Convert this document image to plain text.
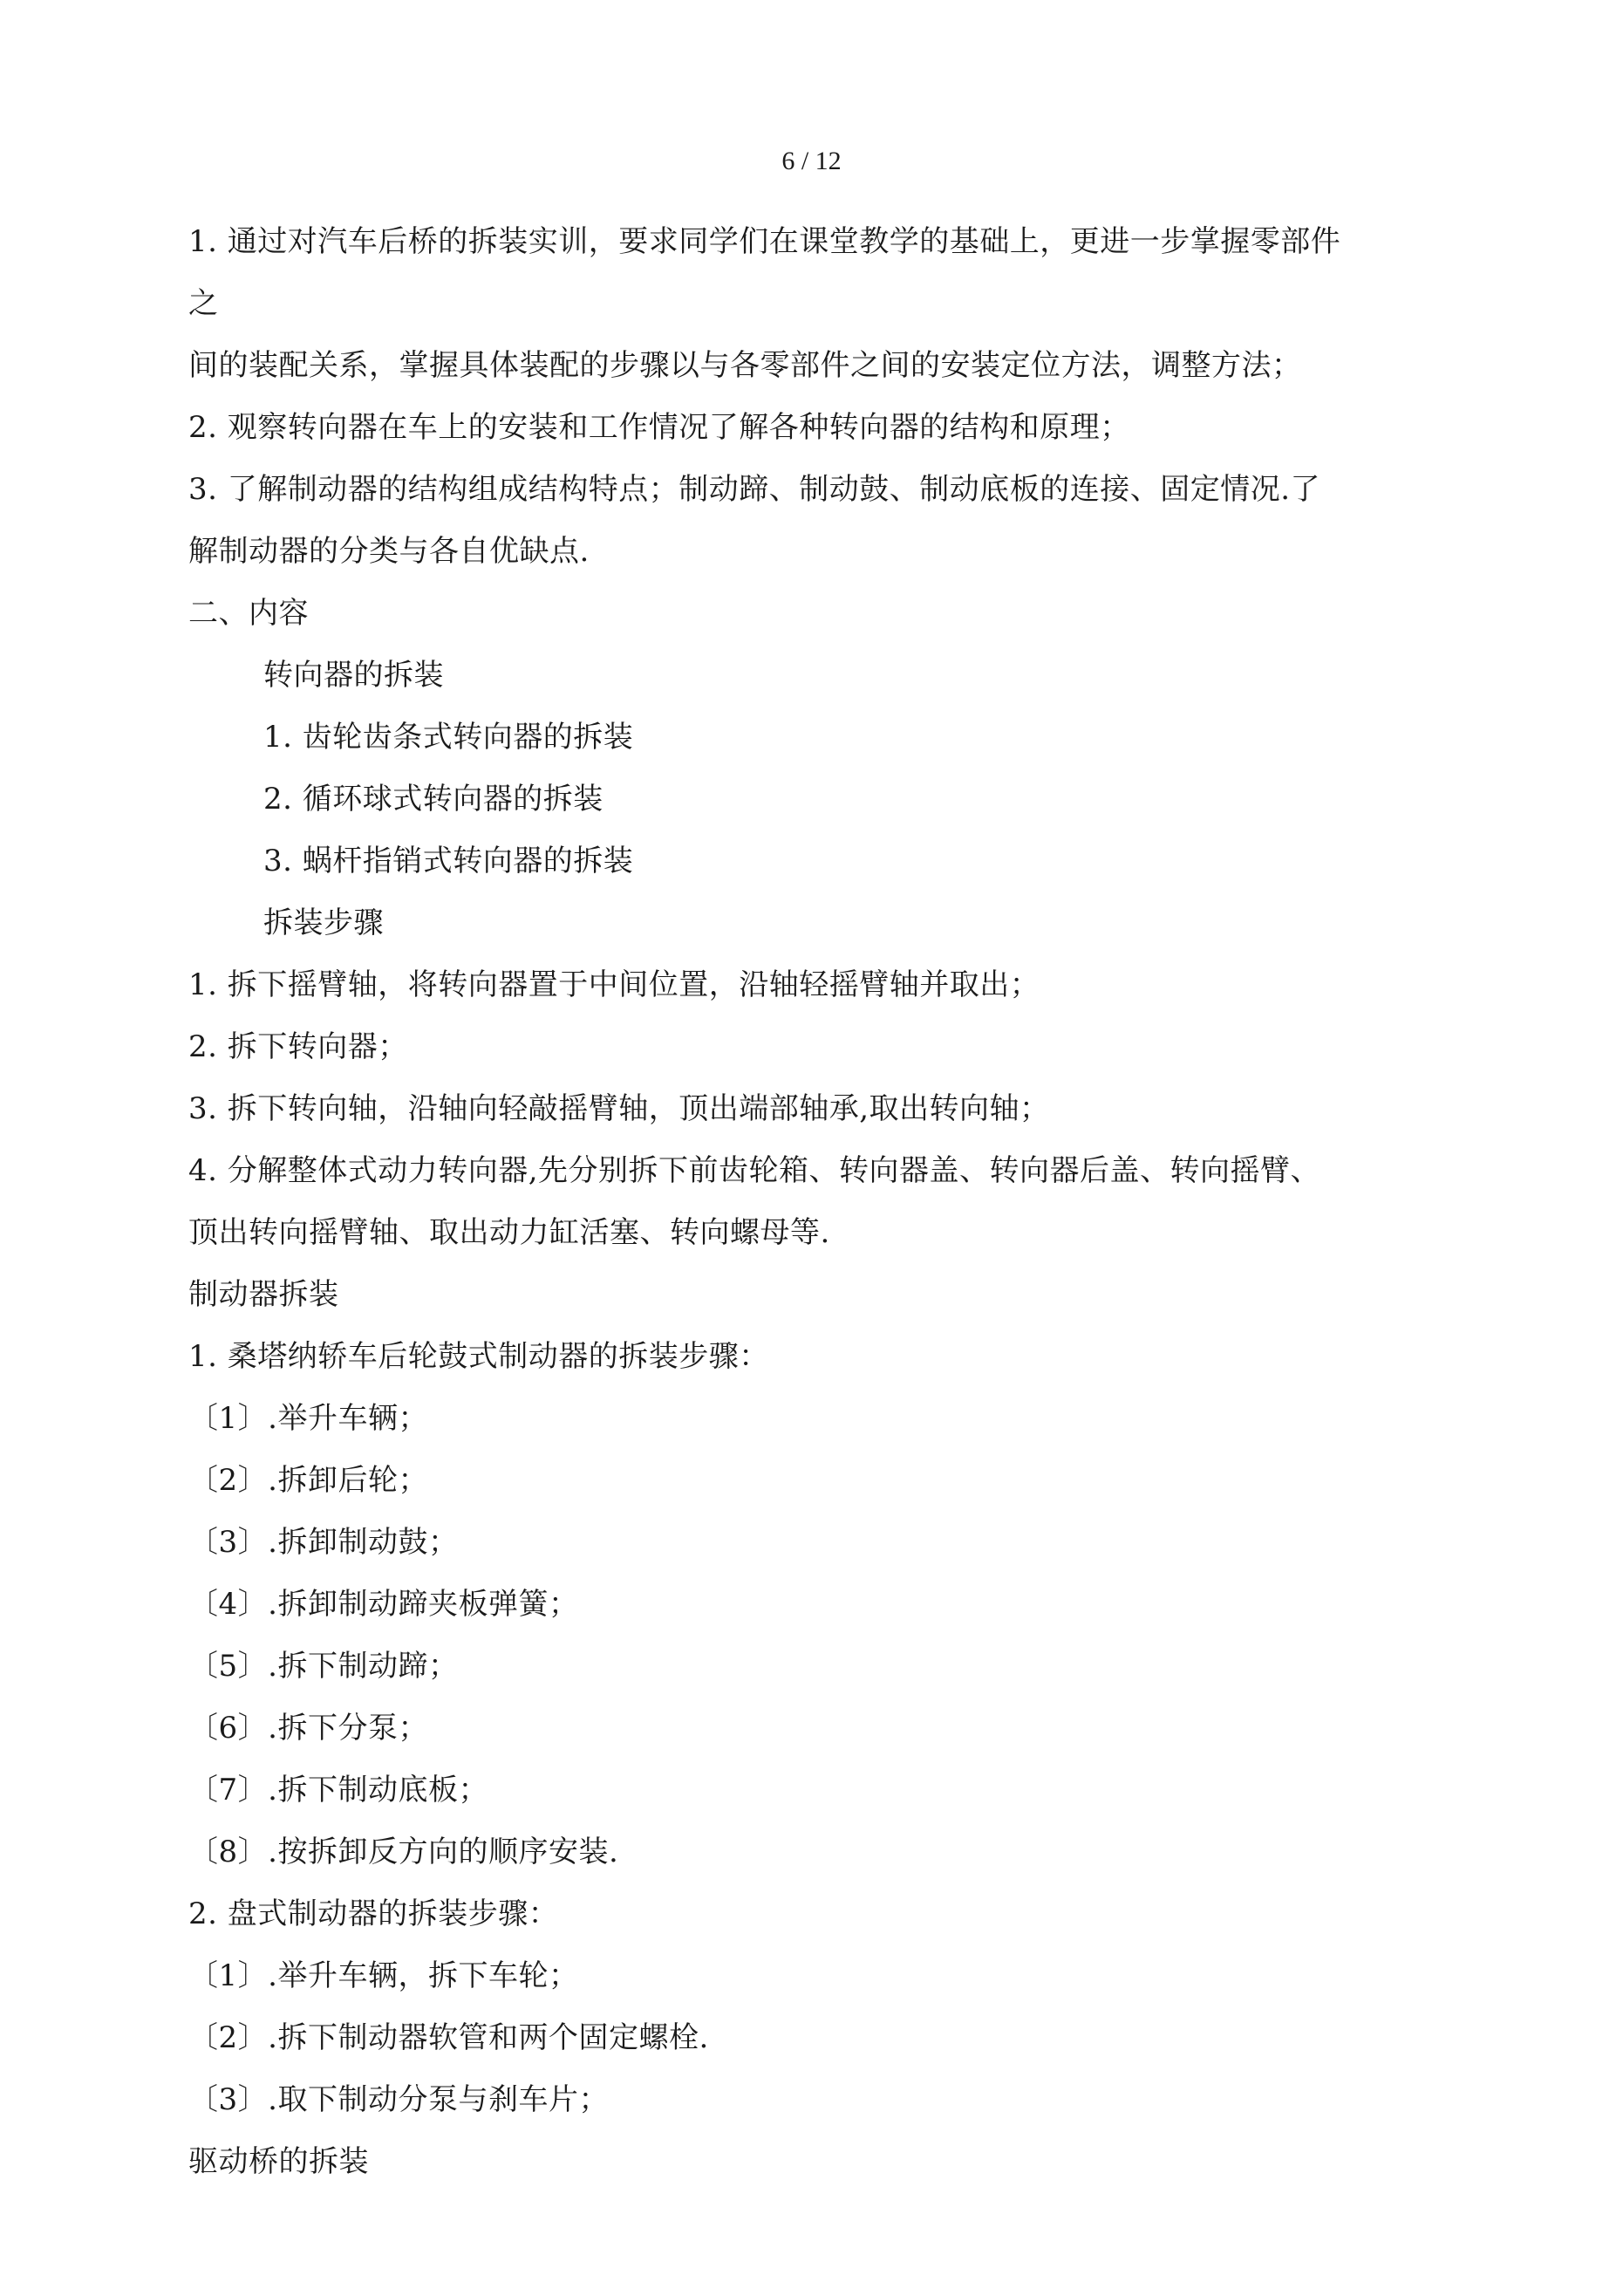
6 / 12
1. 通过对汽车后桥的拆装实训，要求同学们在课堂教学的基础上，更进一步掌握零部件
之
间的装配关系，掌握具体装配的步骤以与各零部件之间的安装定位方法，调整方法；
2. 观察转向器在车上的安装和工作情况了解各种转向器的结构和原理；
3. 了解制动器的结构组成结构特点；制动蹄、制动鼓、制动底板的连接、固定情况.了
解制动器的分类与各自优缺点.
二、内容
转向器的拆装
1. 齿轮齿条式转向器的拆装
2. 循环球式转向器的拆装
3. 蜗杆指销式转向器的拆装
拆装步骤
1. 拆下摇臂轴，将转向器置于中间位置，沿轴轻摇臂轴并取出；
2. 拆下转向器；
3. 拆下转向轴，沿轴向轻敲摇臂轴，顶出端部轴承,取出转向轴；
4. 分解整体式动力转向器,先分别拆下前齿轮箱、转向器盖、转向器后盖、转向摇臂、
顶出转向摇臂轴、取出动力缸活塞、转向螺母等.
制动器拆装
1. 桑塔纳轿车后轮鼓式制动器的拆装步骤：
〔1〕.举升车辆；
〔2〕.拆卸后轮；
〔3〕.拆卸制动鼓；
〔4〕.拆卸制动蹄夹板弹簧；
〔5〕.拆下制动蹄；
〔6〕.拆下分泵；
〔7〕.拆下制动底板；
〔8〕.按拆卸反方向的顺序安装.
2. 盘式制动器的拆装步骤：
〔1〕.举升车辆，拆下车轮；
〔2〕.拆下制动器软管和两个固定螺栓.
〔3〕.取下制动分泵与刹车片；
驱动桥的拆装
